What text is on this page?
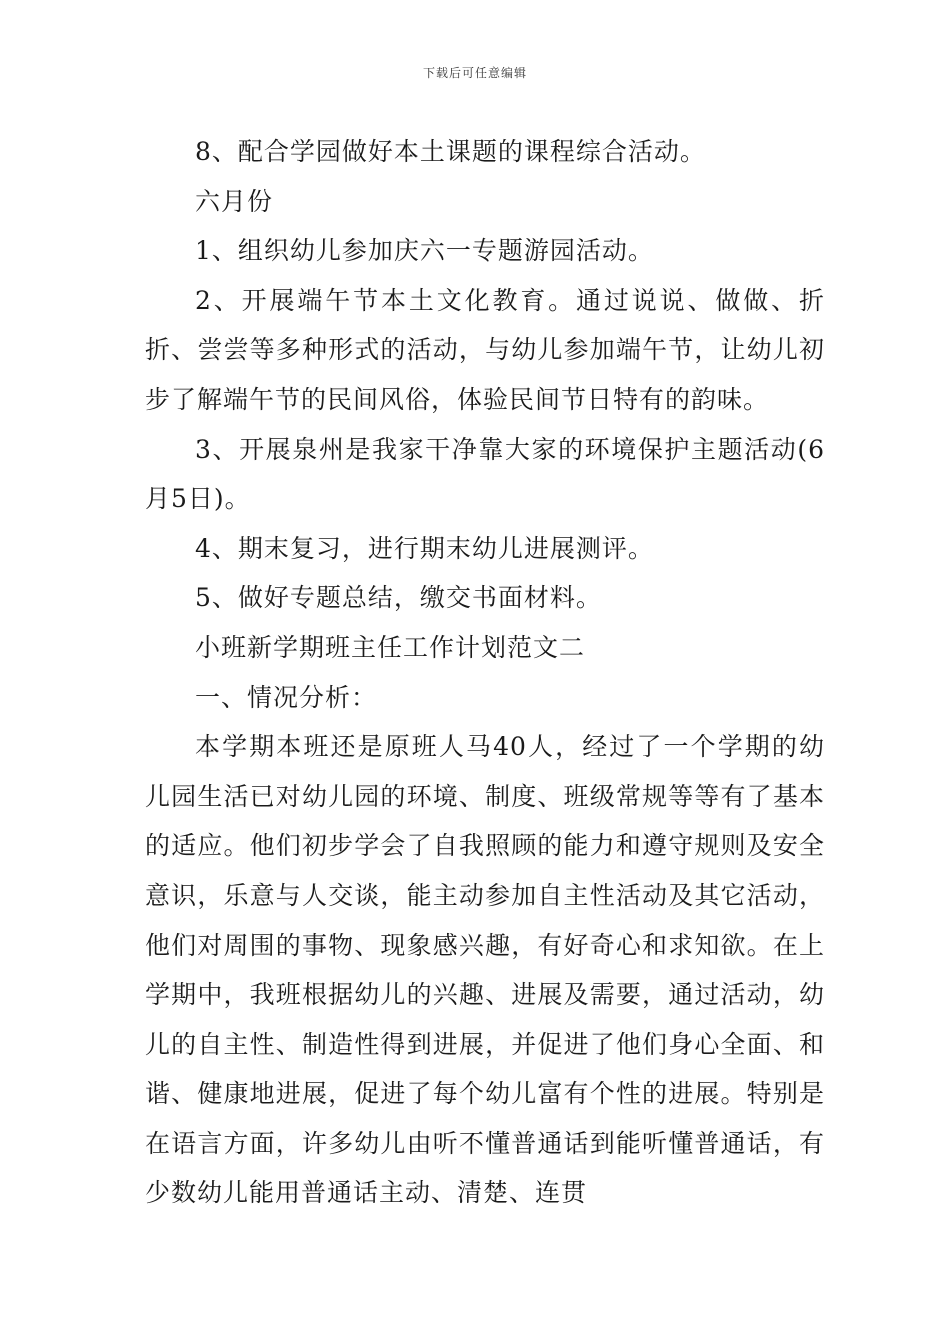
下载后可任意编辑

8、配合学园做好本土课题的课程综合活动。

六月份

1、组织幼儿参加庆六一专题游园活动。

2、开展端午节本土文化教育。通过说说、做做、折折、尝尝等多种形式的活动，与幼儿参加端午节，让幼儿初步了解端午节的民间风俗，体验民间节日特有的韵味。

3、开展泉州是我家干净靠大家的环境保护主题活动(6月5日)。

4、期末复习，进行期末幼儿进展测评。

5、做好专题总结，缴交书面材料。

小班新学期班主任工作计划范文二

一、情况分析：

本学期本班还是原班人马40人，经过了一个学期的幼儿园生活已对幼儿园的环境、制度、班级常规等等有了基本的适应。他们初步学会了自我照顾的能力和遵守规则及安全意识，乐意与人交谈，能主动参加自主性活动及其它活动，他们对周围的事物、现象感兴趣，有好奇心和求知欲。在上学期中，我班根据幼儿的兴趣、进展及需要，通过活动，幼儿的自主性、制造性得到进展，并促进了他们身心全面、和谐、健康地进展，促进了每个幼儿富有个性的进展。特别是在语言方面，许多幼儿由听不懂普通话到能听懂普通话，有少数幼儿能用普通话主动、清楚、连贯
